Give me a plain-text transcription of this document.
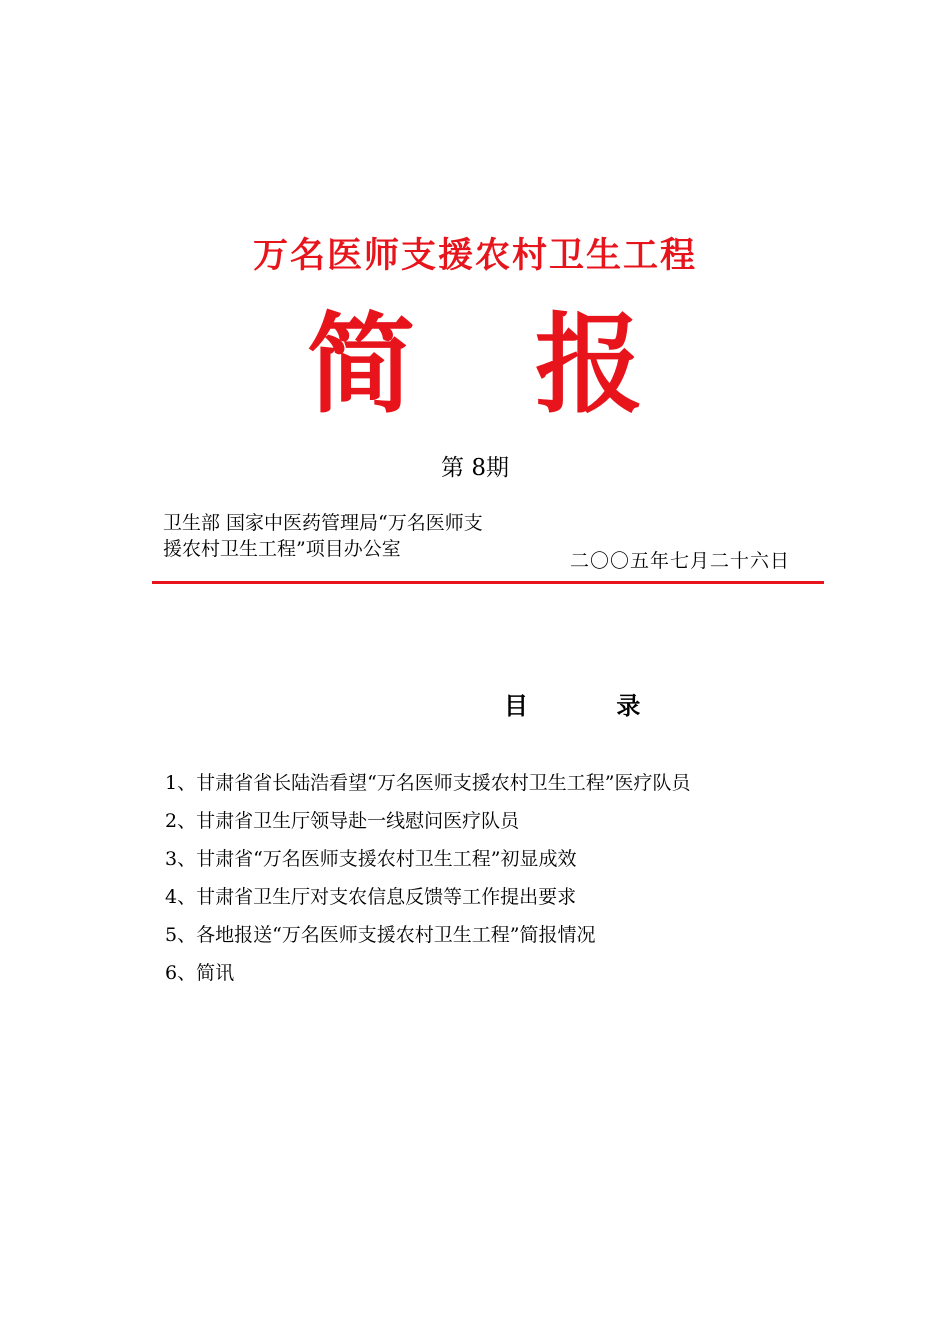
万名医师支援农村卫生工程
简 报
第 8期
卫生部 国家中医药管理局“万名医师支援农村卫生工程”项目办公室
二〇〇五年七月二十六日
目 录
1、甘肃省省长陆浩看望“万名医师支援农村卫生工程”医疗队员
2、甘肃省卫生厅领导赴一线慰问医疗队员
3、甘肃省“万名医师支援农村卫生工程”初显成效
4、甘肃省卫生厅对支农信息反馈等工作提出要求
5、各地报送“万名医师支援农村卫生工程”简报情况
6、简讯
